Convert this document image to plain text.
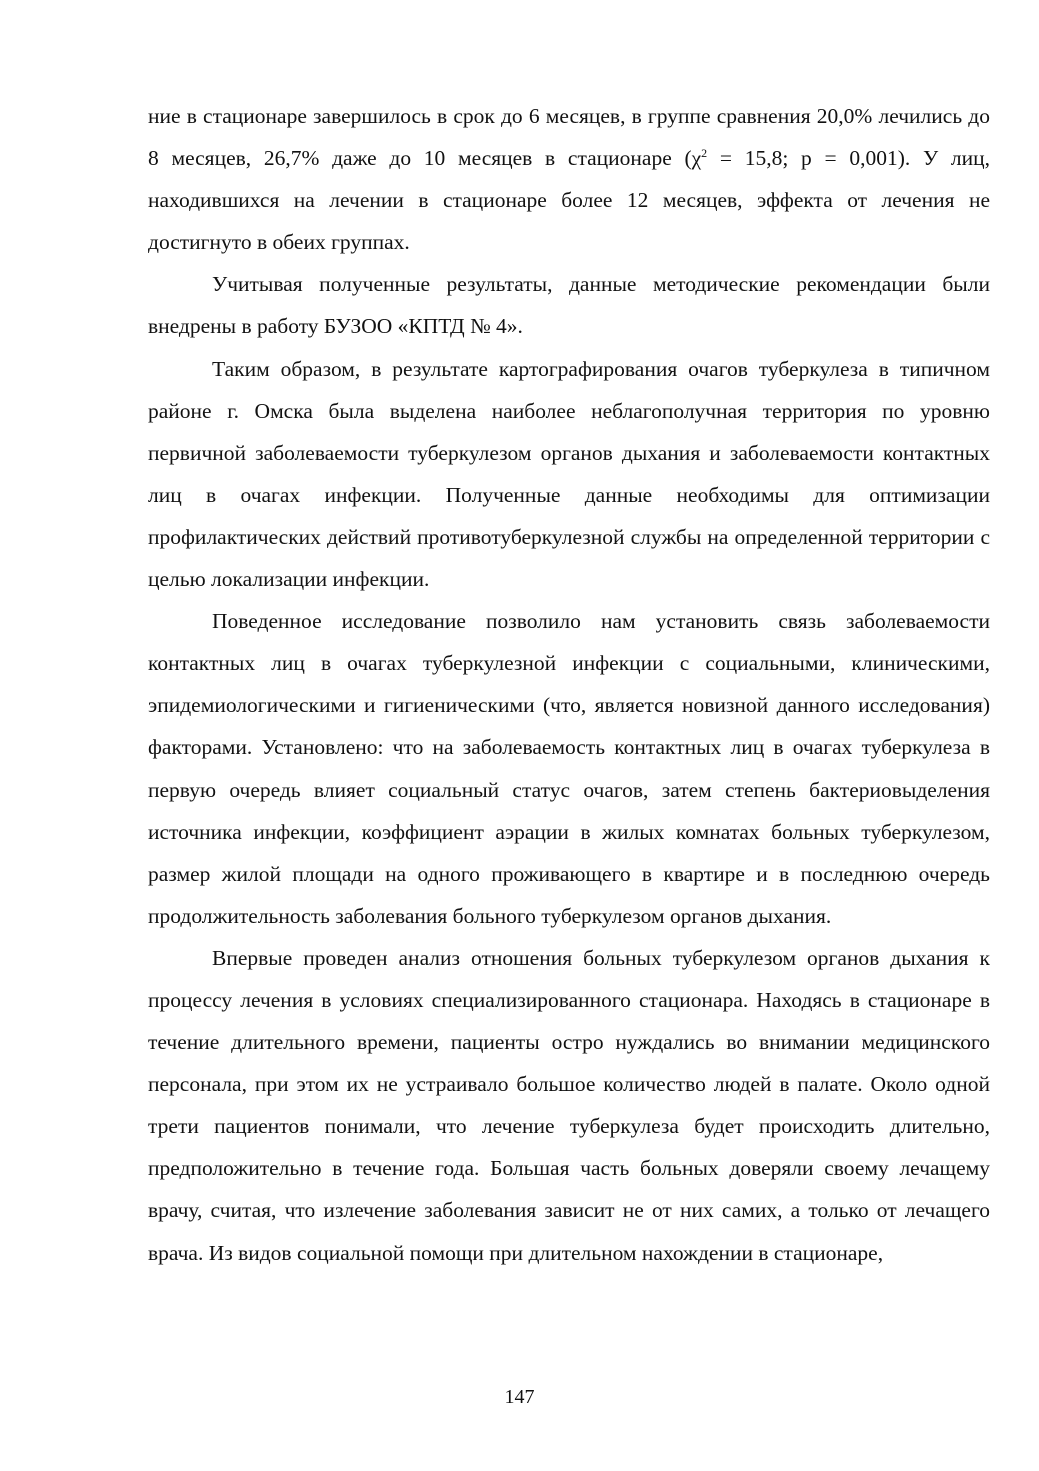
ние в стационаре завершилось в срок до 6 месяцев, в группе сравнения 20,0% лечились до 8 месяцев, 26,7% даже до 10 месяцев в стационаре ($\chi^2 = 15,8$; р = 0,001). У лиц, находившихся на лечении в стационаре более 12 месяцев, эффекта от лечения не достигнуто в обеих группах.

Учитывая полученные результаты, данные методические рекомендации были внедрены в работу БУЗОО «КПТД № 4».

Таким образом, в результате картографирования очагов туберкулеза в типичном районе г. Омска была выделена наиболее неблагополучная территория по уровню первичной заболеваемости туберкулезом органов дыхания и заболеваемости контактных лиц в очагах инфекции. Полученные данные необходимы для оптимизации профилактических действий противотуберкулезной службы на определенной территории с целью локализации инфекции.

Поведенное исследование позволило нам установить связь заболеваемости контактных лиц в очагах туберкулезной инфекции с социальными, клиническими, эпидемиологическими и гигиеническими (что, является новизной данного исследования) факторами. Установлено: что на заболеваемость контактных лиц в очагах туберкулеза в первую очередь влияет социальный статус очагов, затем степень бактериовыделения источника инфекции, коэффициент аэрации в жилых комнатах больных туберкулезом, размер жилой площади на одного проживающего в квартире и в последнюю очередь продолжительность заболевания больного туберкулезом органов дыхания.

Впервые проведен анализ отношения больных туберкулезом органов дыхания к процессу лечения в условиях специализированного стационара. Находясь в стационаре в течение длительного времени, пациенты остро нуждались во внимании медицинского персонала, при этом их не устраивало большое количество людей в палате. Около одной трети пациентов понимали, что лечение туберкулеза будет происходить длительно, предположительно в течение года. Большая часть больных доверяли своему лечащему врачу, считая, что излечение заболевания зависит не от них самих, а только от лечащего врача. Из видов социальной помощи при длительном нахождении в стационаре,

147
